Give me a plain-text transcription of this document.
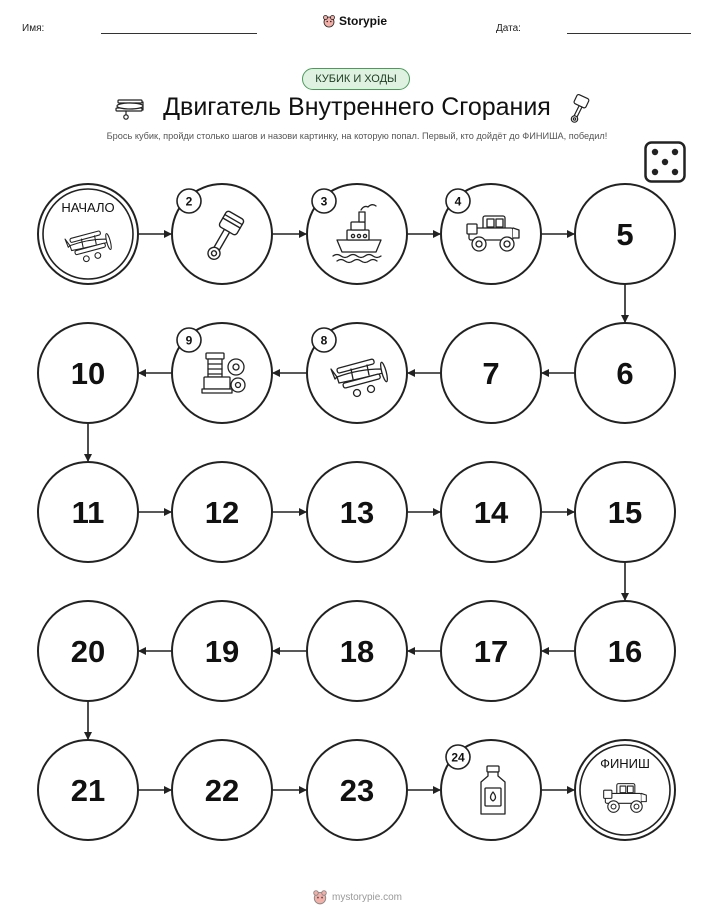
Имя:
Storypie
Дата:
КУБИК И ХОДЫ
Двигатель Внутреннего Сгорания
Брось кубик, пройди столько шагов и назови картинку, на которую попал. Первый, кто дойдёт до ФИНИША, победил!
НАЧАЛО	2	3	4
5
6
7
8
9
10
11	12	13	14	15
16
17
18
19
20
21	22	23
24	ФИНИШ
mystorypie.com
